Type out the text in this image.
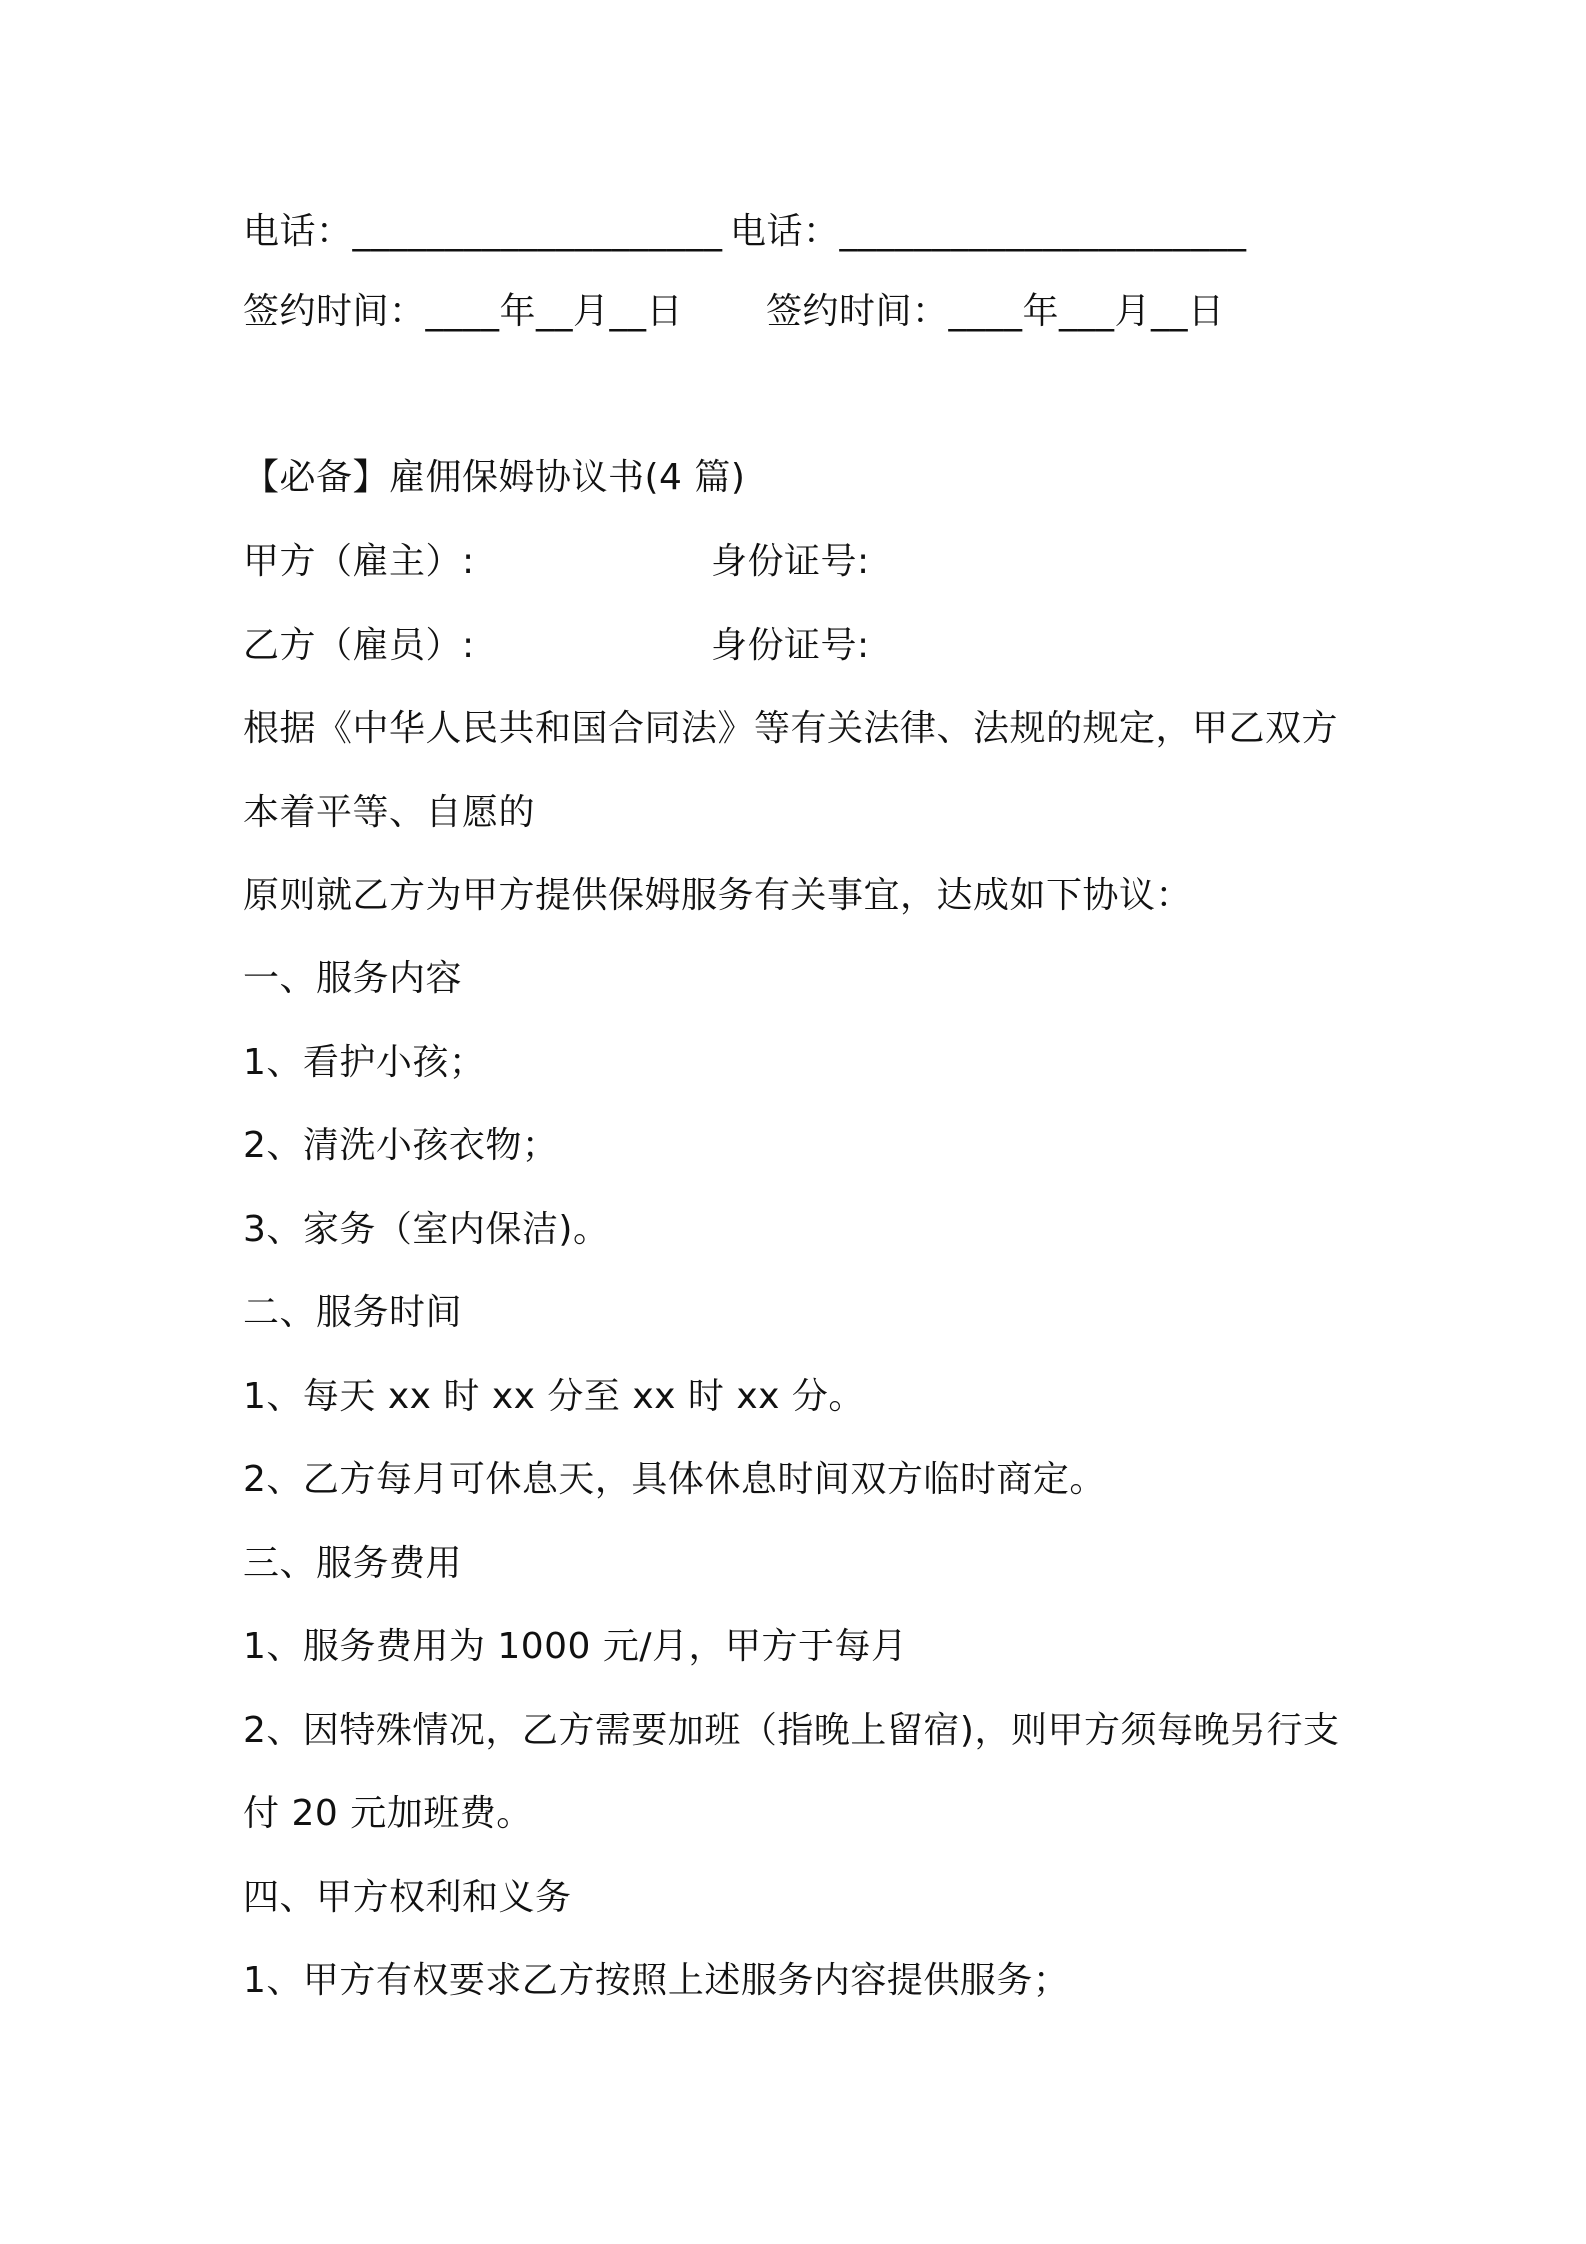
电话：____________________ 电话：______________________
签约时间：____年__月__日 签约时间：____年___月__日
【必备】雇佣保姆协议书(4 篇)
甲方（雇主）:	身份证号:
乙方（雇员）:	身份证号:
根据《中华人民共和国合同法》等有关法律、法规的规定，甲乙双方
本着平等、自愿的
原则就乙方为甲方提供保姆服务有关事宜，达成如下协议：
一、服务内容
1、看护小孩；
2、清洗小孩衣物；
3、家务（室内保洁)。
二、服务时间
1、每天 xx 时 xx 分至 xx 时 xx 分。
2、乙方每月可休息天，具体休息时间双方临时商定。
三、服务费用
1、服务费用为 1000 元/月，甲方于每月
2、因特殊情况，乙方需要加班（指晚上留宿)，则甲方须每晚另行支
付 20 元加班费。
四、甲方权利和义务
1、甲方有权要求乙方按照上述服务内容提供服务；
